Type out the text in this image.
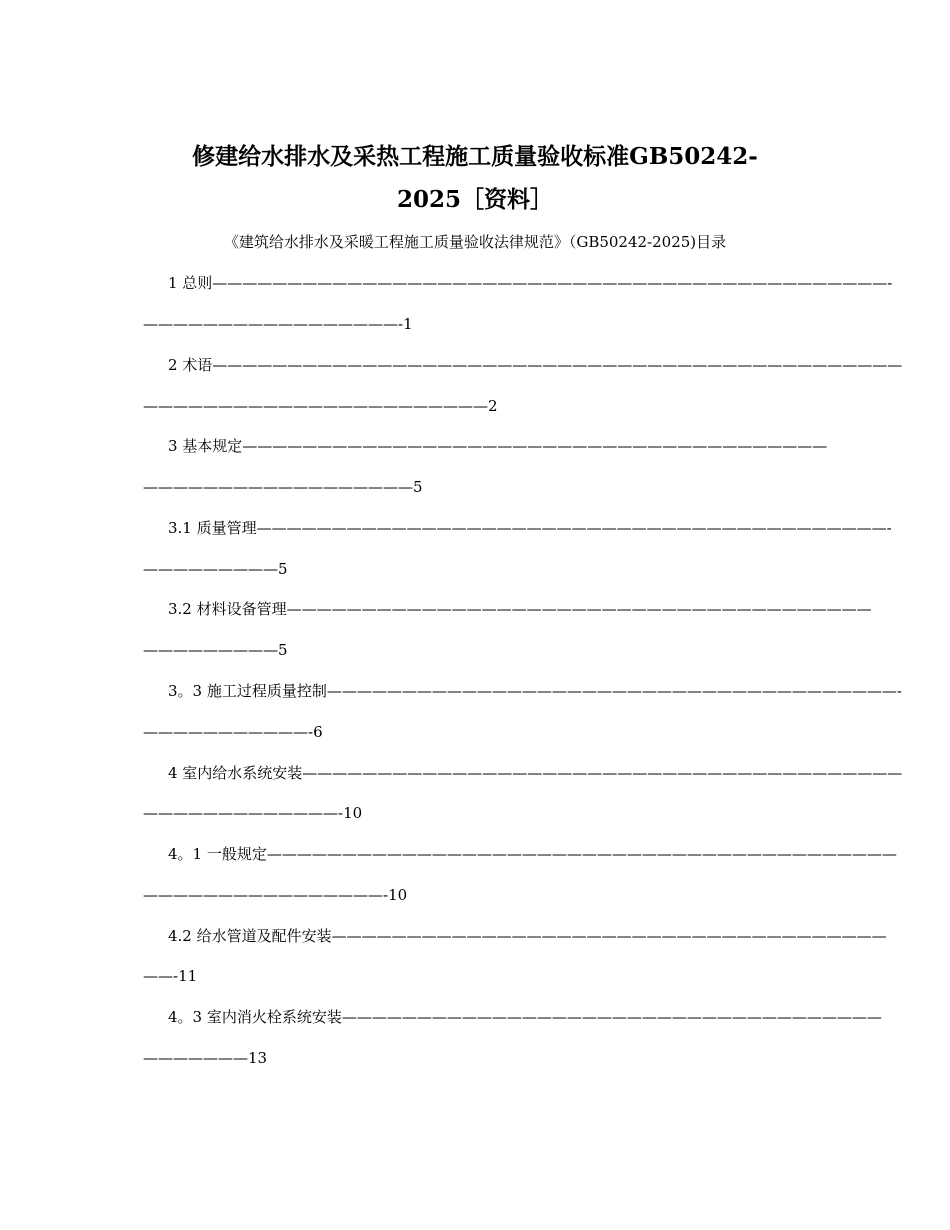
修建给水排水及采热工程施工质量验收标准GB50242-
2025［资料］
《建筑给水排水及采暖工程施工质量验收法律规范》（GB50242-2025)目录
1 总则—————————————————————————————————————————————-
—————————————————-1
2 术语——————————————————————————————————————————————
———————————————————————2
3 基本规定———————————————————————————————————————
——————————————————5
3.1 质量管理——————————————————————————————————————————-
—————————5
3.2 材料设备管理———————————————————————————————————————
—————————5
3。3 施工过程质量控制——————————————————————————————————————-
———————————-6
4 室内给水系统安装————————————————————————————————————————
—————————————-10
4。1 一般规定——————————————————————————————————————————
————————————————-10
4.2 给水管道及配件安装—————————————————————————————————————
——-11
4。3 室内消火栓系统安装————————————————————————————————————
———————13
